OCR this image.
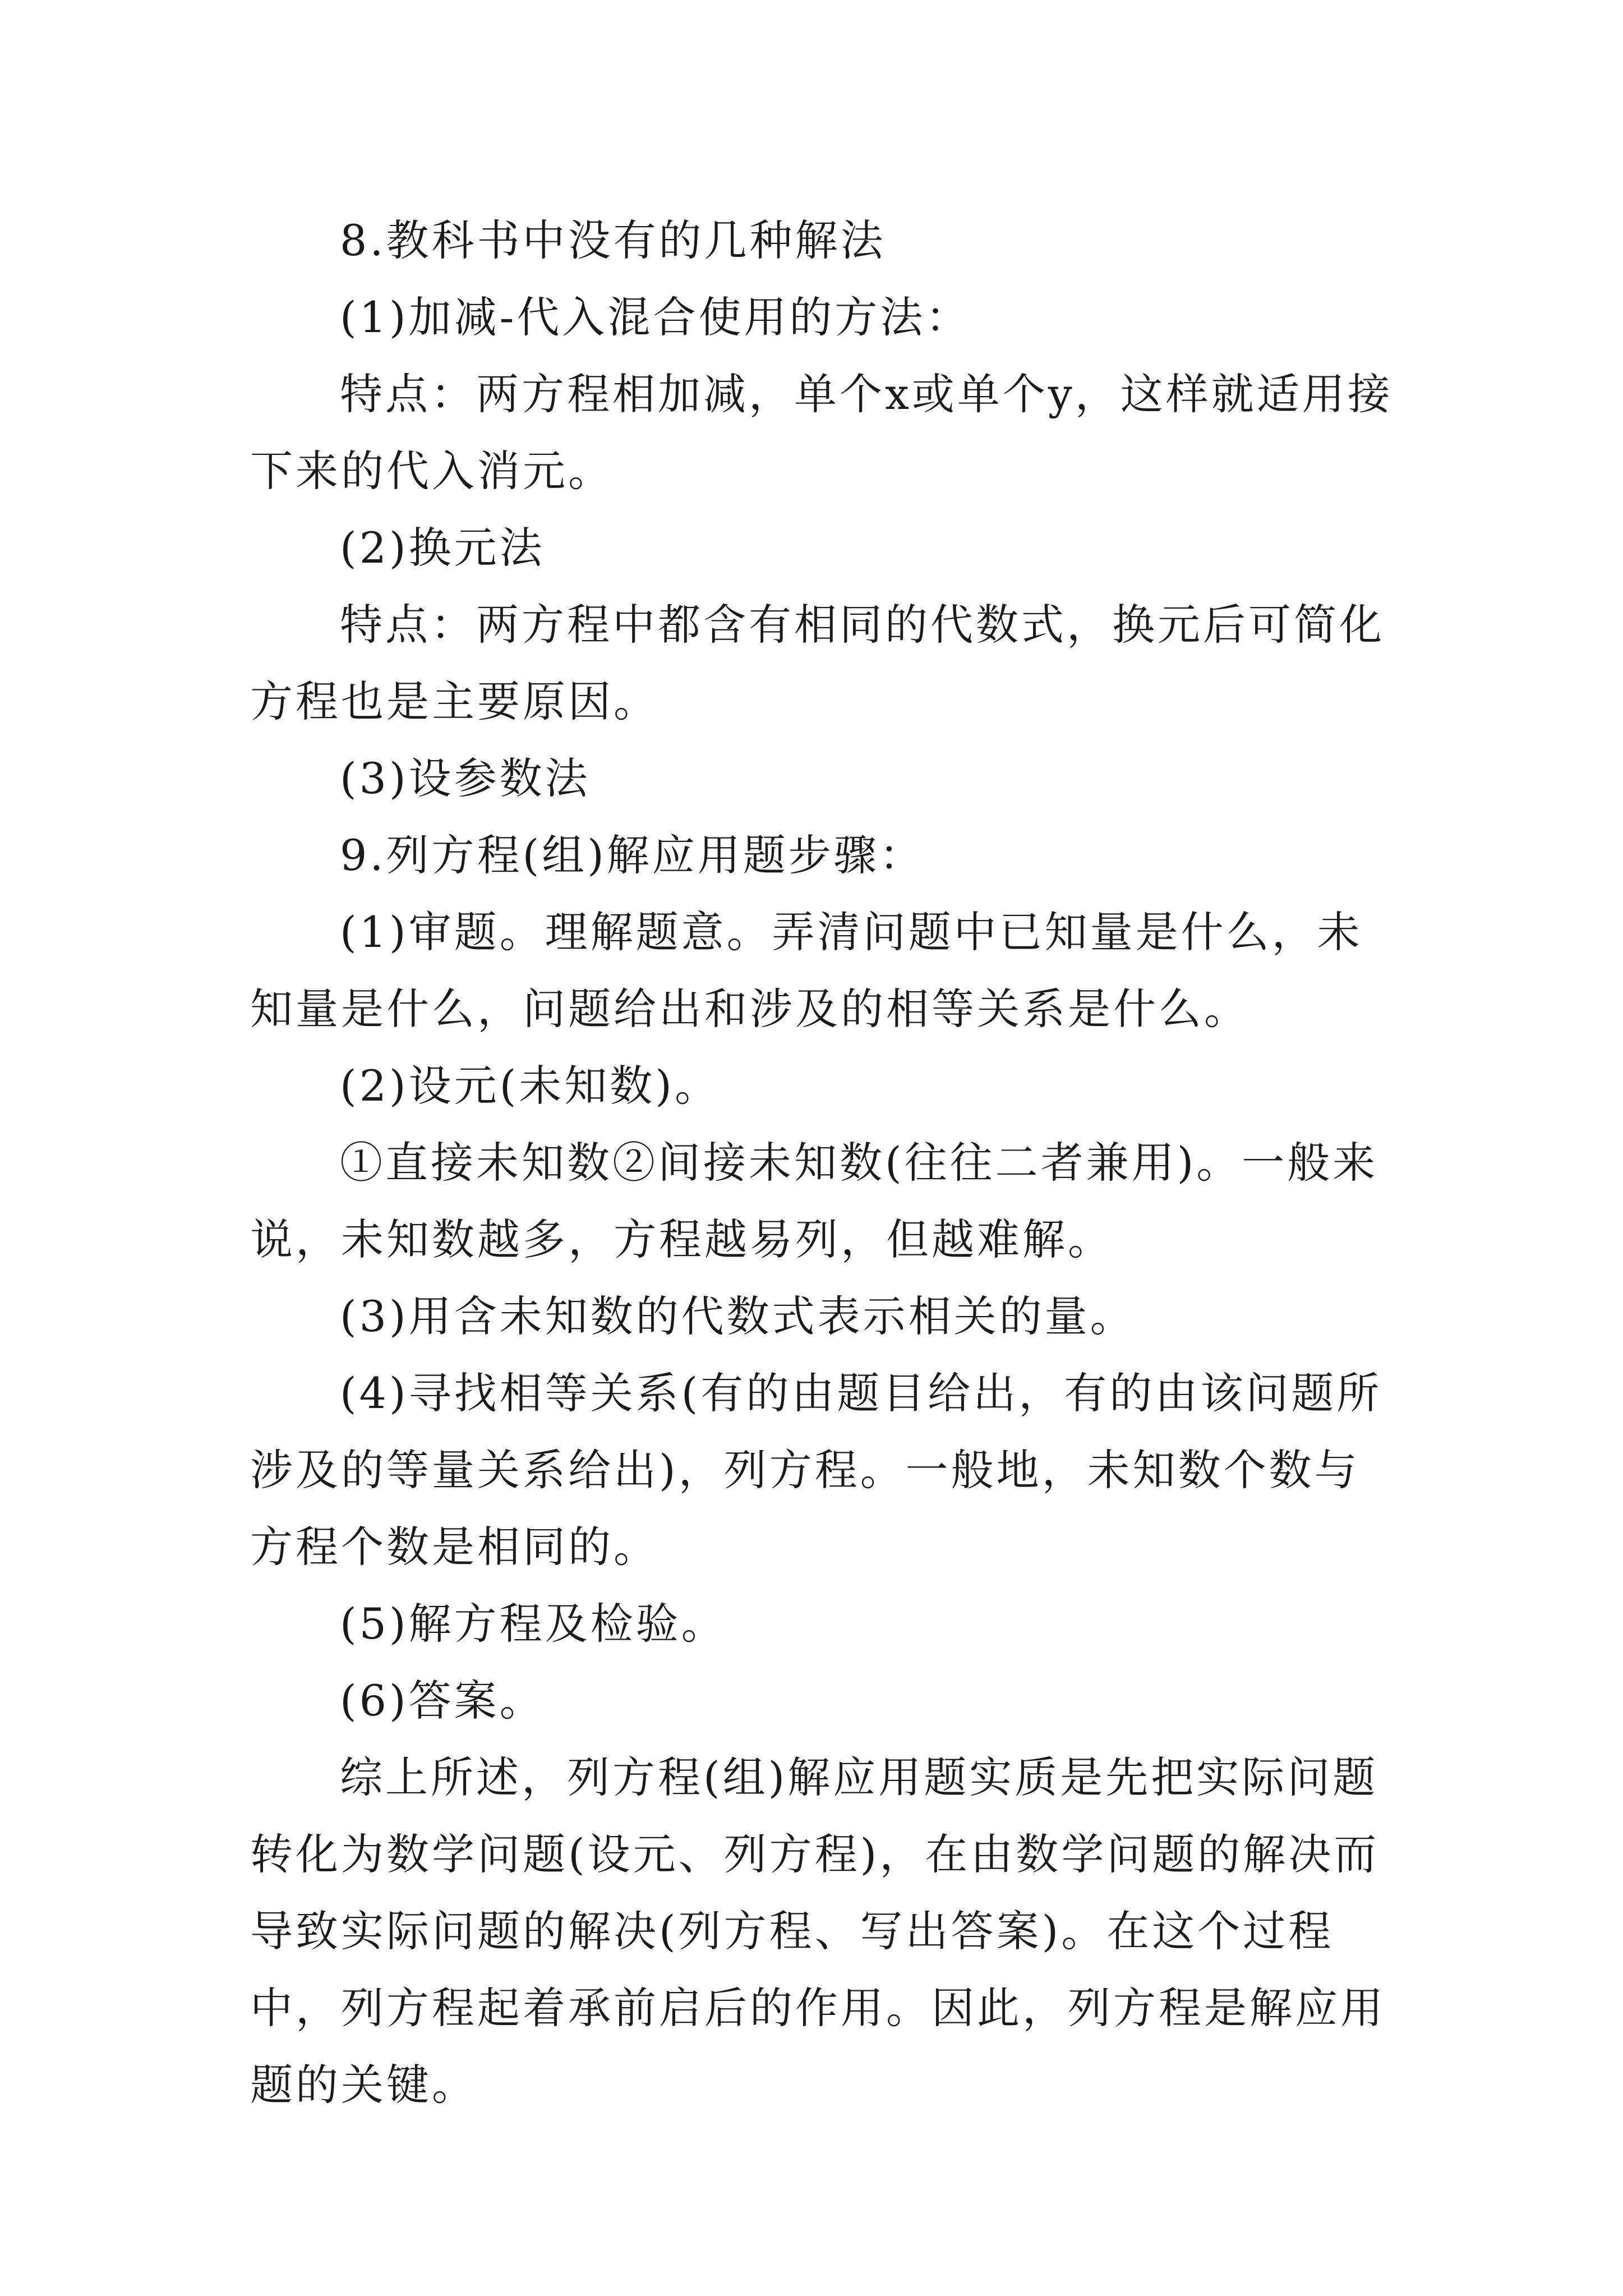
8.教科书中没有的几种解法

(1)加减-代入混合使用的方法：

特点：两方程相加减，单个x或单个y，这样就适用接下来的代入消元。

(2)换元法

特点：两方程中都含有相同的代数式，换元后可简化方程也是主要原因。

(3)设参数法

9.列方程(组)解应用题步骤：

(1)审题。理解题意。弄清问题中已知量是什么，未知量是什么，问题给出和涉及的相等关系是什么。

(2)设元(未知数)。

①直接未知数②间接未知数(往往二者兼用)。一般来说，未知数越多，方程越易列，但越难解。

(3)用含未知数的代数式表示相关的量。

(4)寻找相等关系(有的由题目给出，有的由该问题所涉及的等量关系给出)，列方程。一般地，未知数个数与方程个数是相同的。

(5)解方程及检验。

(6)答案。

综上所述，列方程(组)解应用题实质是先把实际问题转化为数学问题(设元、列方程)，在由数学问题的解决而导致实际问题的解决(列方程、写出答案)。在这个过程中，列方程起着承前启后的作用。因此，列方程是解应用题的关键。
